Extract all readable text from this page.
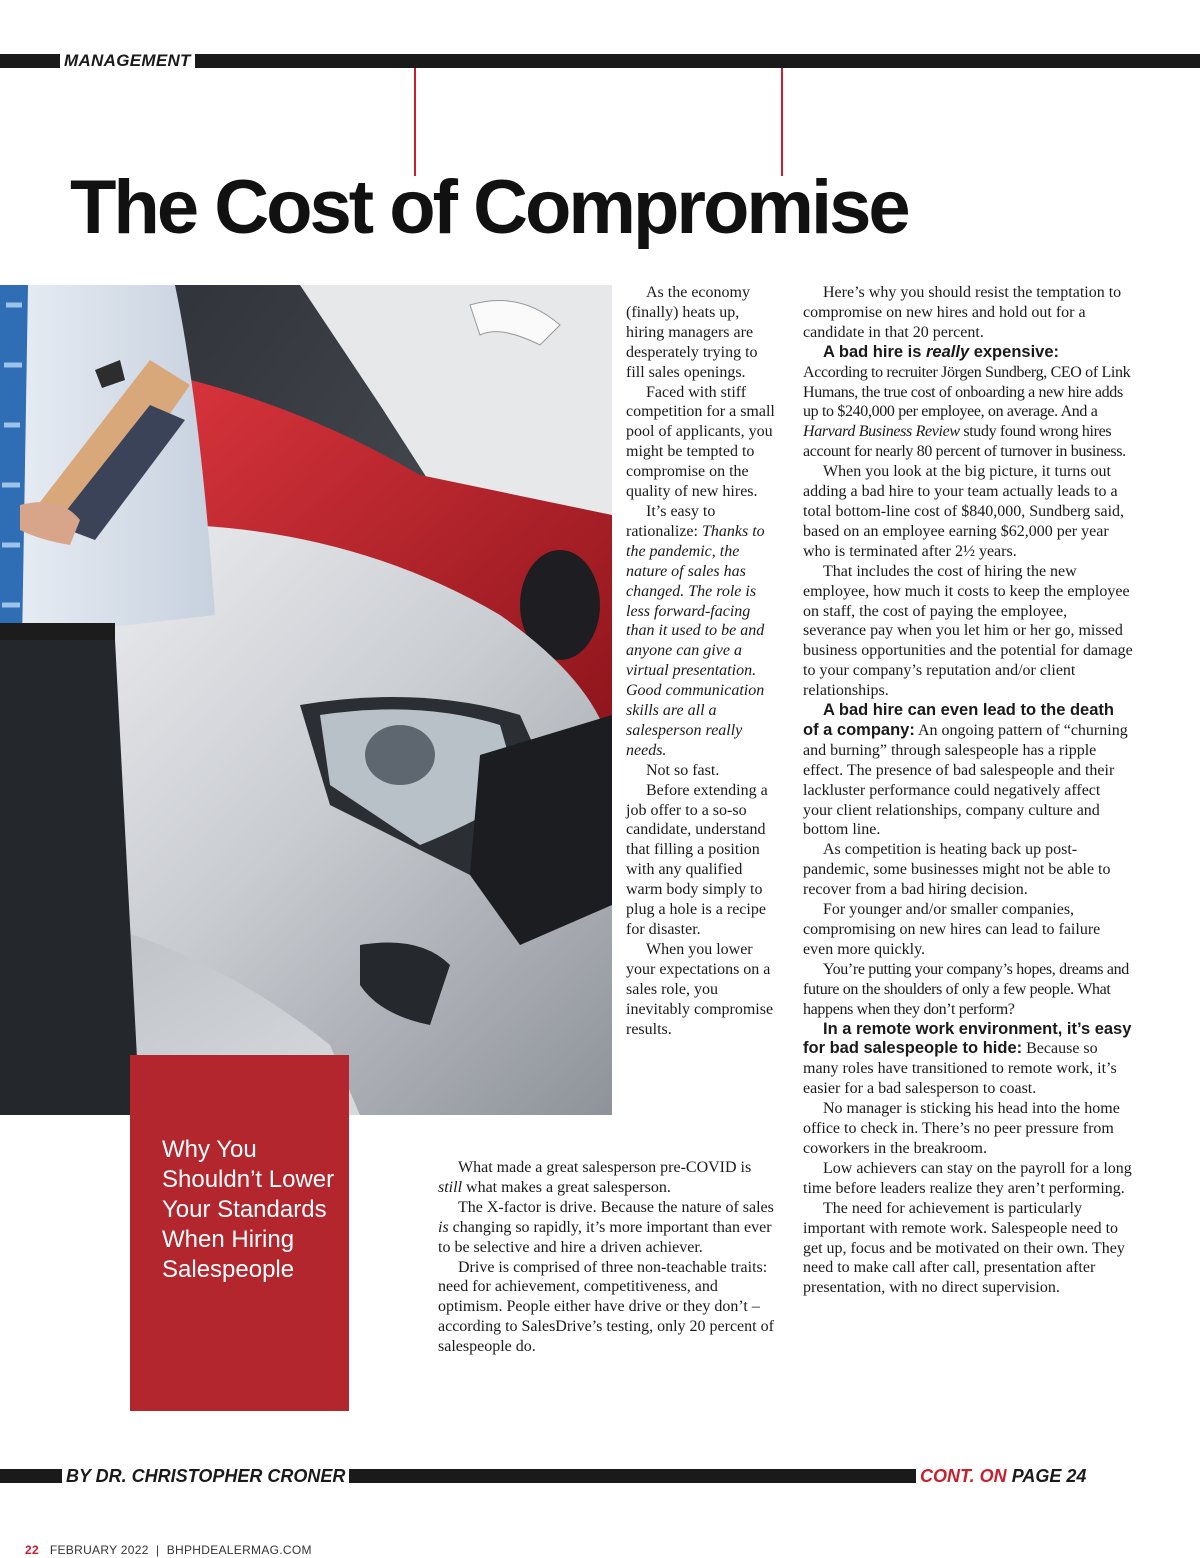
MANAGEMENT
The Cost of Compromise
Why You Shouldn’t Lower Your Standards When Hiring Salespeople

As the economy (finally) heats up, hiring managers are desperately trying to fill sales openings.

Faced with stiff competition for a small pool of applicants, you might be tempted to compromise on the quality of new hires.

It’s easy to rationalize: Thanks to the pandemic, the nature of sales has changed. The role is less forward-facing than it used to be and anyone can give a virtual presentation. Good communication skills are all a salesperson really needs.

Not so fast.

Before extending a job offer to a so-so candidate, understand that filling a position with any qualified warm body simply to plug a hole is a recipe for disaster.

When you lower your expectations on a sales role, you inevitably compromise results.

What made a great salesperson pre-COVID is still what makes a great salesperson.

The X-factor is drive. Because the nature of sales is changing so rapidly, it’s more important than ever to be selective and hire a driven achiever.

Drive is comprised of three non-teachable traits: need for achievement, competitiveness, and optimism. People either have drive or they don’t – according to SalesDrive’s testing, only 20 percent of salespeople do.

Here’s why you should resist the temptation to compromise on new hires and hold out for a candidate in that 20 percent.

A bad hire is really expensive:

According to recruiter Jörgen Sundberg, CEO of Link Humans, the true cost of onboarding a new hire adds up to $240,000 per employee, on average. And a Harvard Business Review study found wrong hires account for nearly 80 percent of turnover in business.

When you look at the big picture, it turns out adding a bad hire to your team actually leads to a total bottom-line cost of $840,000, Sundberg said, based on an employee earning $62,000 per year who is terminated after 2½ years.

That includes the cost of hiring the new employee, how much it costs to keep the employee on staff, the cost of paying the employee, severance pay when you let him or her go, missed business opportunities and the potential for damage to your company’s reputation and/or client relationships.

A bad hire can even lead to the death of a company: An ongoing pattern of “churning and burning” through salespeople has a ripple effect. The presence of bad salespeople and their lackluster performance could negatively affect your client relationships, company culture and bottom line.

As competition is heating back up post-pandemic, some businesses might not be able to recover from a bad hiring decision.

For younger and/or smaller companies, compromising on new hires can lead to failure even more quickly.

You’re putting your company’s hopes, dreams and future on the shoulders of only a few people. What happens when they don’t perform?

In a remote work environment, it’s easy for bad salespeople to hide: Because so many roles have transitioned to remote work, it’s easier for a bad salesperson to coast.

No manager is sticking his head into the home office to check in. There’s no peer pressure from coworkers in the breakroom.

Low achievers can stay on the payroll for a long time before leaders realize they aren’t performing.

The need for achievement is particularly important with remote work. Salespeople need to get up, focus and be motivated on their own. They need to make call after call, presentation after presentation, with no direct supervision.

BY DR. CHRISTOPHER CRONER	CONT. ON PAGE 24
22 FEBRUARY 2022 | BHPHDEALERMAG.COM
